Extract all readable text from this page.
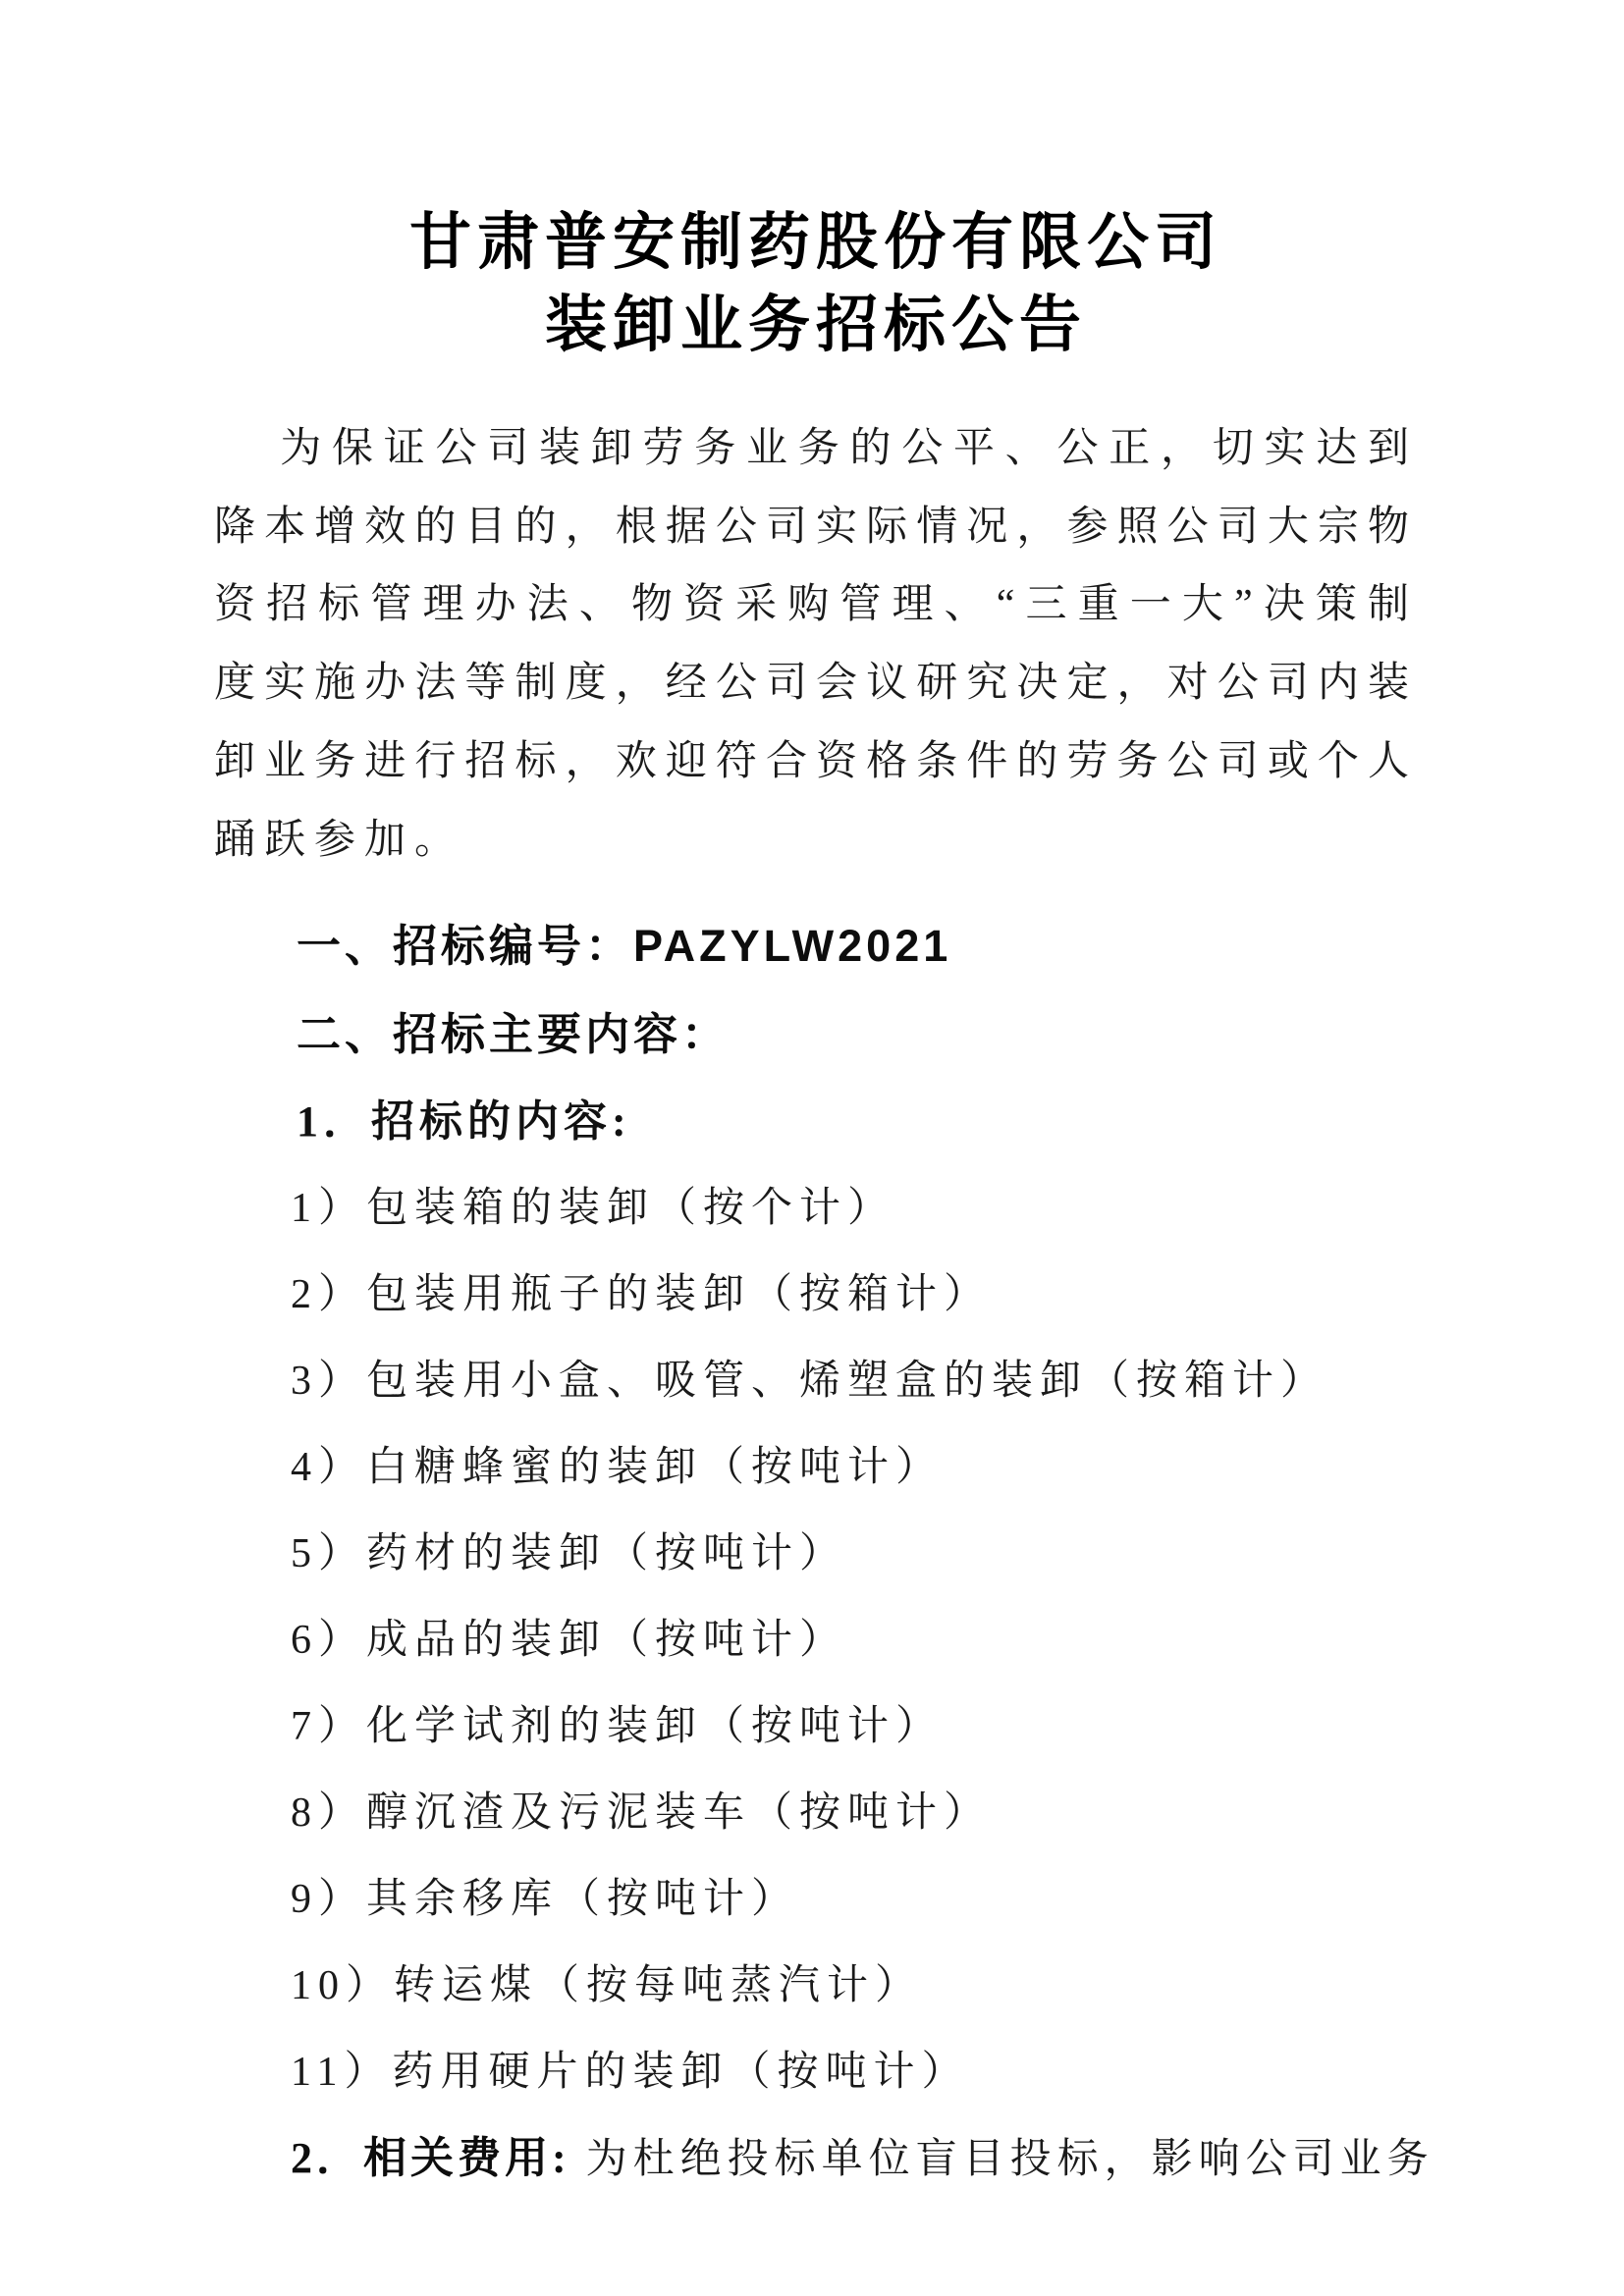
甘肃普安制药股份有限公司
装卸业务招标公告

为保证公司装卸劳务业务的公平、公正，切实达到降本增效的目的，根据公司实际情况，参照公司大宗物资招标管理办法、物资采购管理、“三重一大”决策制度实施办法等制度，经公司会议研究决定，对公司内装卸业务进行招标，欢迎符合资格条件的劳务公司或个人踊跃参加。

一、招标编号：PAZYLW2021

二、招标主要内容：

1．招标的内容:

1）包装箱的装卸（按个计）

2）包装用瓶子的装卸（按箱计）

3）包装用小盒、吸管、烯塑盒的装卸（按箱计）

4）白糖蜂蜜的装卸（按吨计）

5）药材的装卸（按吨计）

6）成品的装卸（按吨计）

7）化学试剂的装卸（按吨计）

8）醇沉渣及污泥装车（按吨计）

9）其余移库（按吨计）

10）转运煤（按每吨蒸汽计）

11）药用硬片的装卸（按吨计）

2．相关费用: 为杜绝投标单位盲目投标，影响公司业务
